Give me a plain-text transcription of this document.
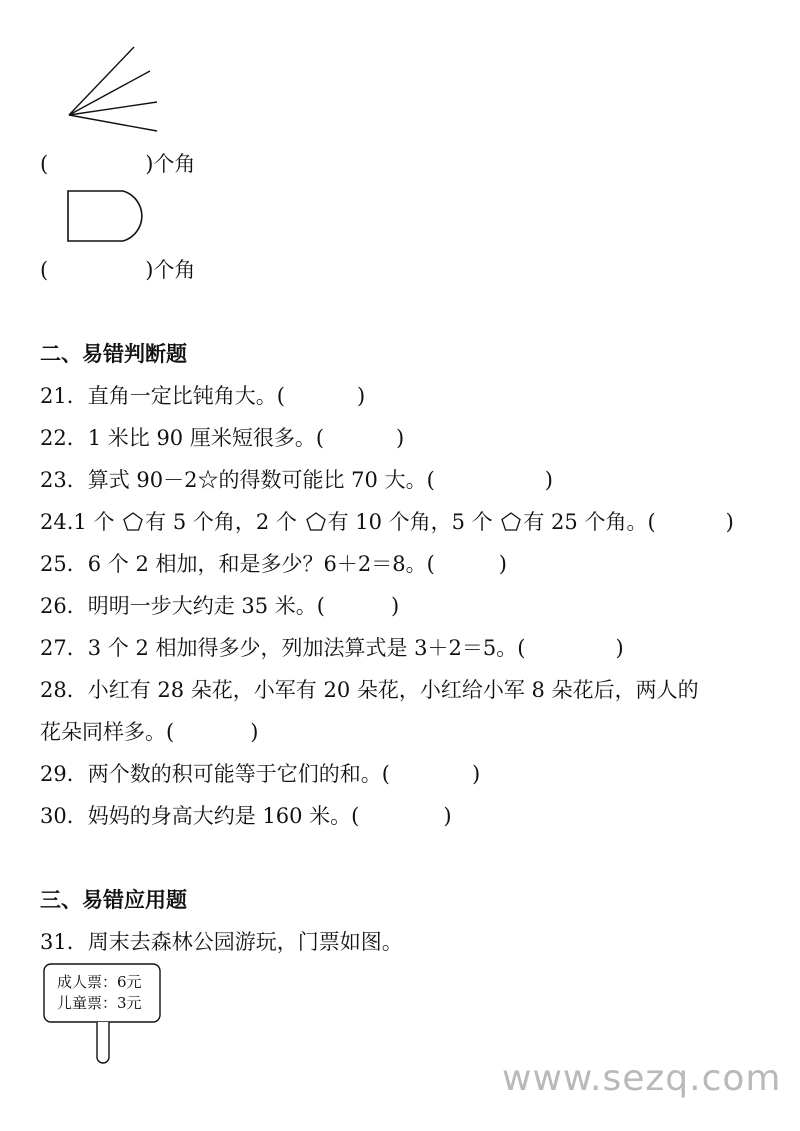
(	)个角
(	)个角
二、易错判断题
21．直角一定比钝角大。(	)
22．1 米比 90 厘米短很多。(	)
23．算式 90－2☆的得数可能比 70 大。(	)
24.1 个 有 5 个角，2 个 有 10 个角，5 个 有 25 个角。(	)
25．6 个 2 相加，和是多少？6＋2＝8。(	)
26．明明一步大约走 35 米。(	)
27．3 个 2 相加得多少，列加法算式是 3＋2＝5。(	)
28．小红有 28 朵花，小军有 20 朵花，小红给小军 8 朵花后，两人的
花朵同样多。(	)
29．两个数的积可能等于它们的和。(	)
30．妈妈的身高大约是 160 米。(	)
三、易错应用题
31．周末去森林公园游玩，门票如图。
成人票：6元
儿童票：3元
www.sezq.com
